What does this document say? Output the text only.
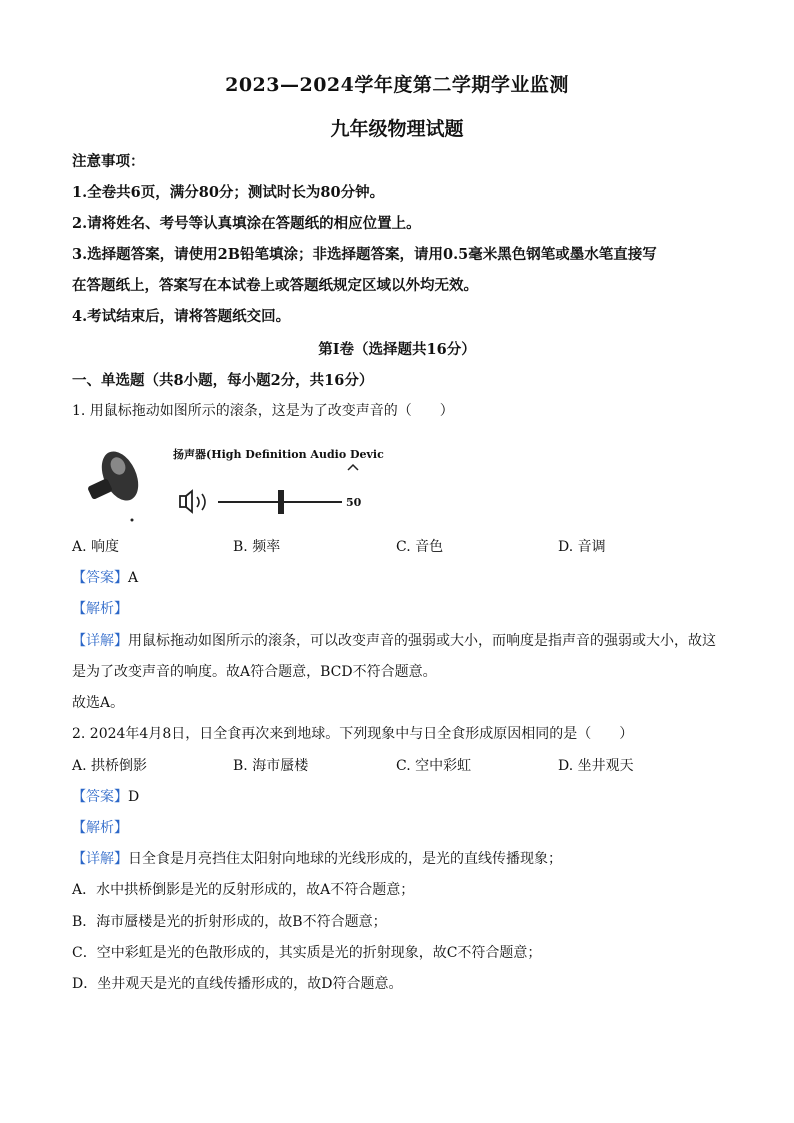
2023—2024学年度第二学期学业监测
九年级物理试题
注意事项：
1.全卷共6页，满分80分；测试时长为80分钟。
2.请将姓名、考号等认真填涂在答题纸的相应位置上。
3.选择题答案，请使用2B铅笔填涂；非选择题答案，请用0.5毫米黑色钢笔或墨水笔直接写
在答题纸上，答案写在本试卷上或答题纸规定区域以外均无效。
4.考试结束后，请将答题纸交回。
第Ⅰ卷（选择题共16分）
一、单选题（共8小题，每小题2分，共16分）
1. 用鼠标拖动如图所示的滚条，这是为了改变声音的（　　）
扬声器(High Definition Audio Device)
50
A. 响度	B. 频率	C. 音色	D. 音调
【答案】A
【解析】
【详解】用鼠标拖动如图所示的滚条，可以改变声音的强弱或大小，而响度是指声音的强弱或大小，故这
是为了改变声音的响度。故A符合题意，BCD不符合题意。
故选A。
2. 2024年4月8日，日全食再次来到地球。下列现象中与日全食形成原因相同的是（　　）
A. 拱桥倒影	B. 海市蜃楼	C. 空中彩虹	D. 坐井观天
【答案】D
【解析】
【详解】日全食是月亮挡住太阳射向地球的光线形成的，是光的直线传播现象；
A．水中拱桥倒影是光的反射形成的，故A不符合题意；
B．海市蜃楼是光的折射形成的，故B不符合题意；
C．空中彩虹是光的色散形成的，其实质是光的折射现象，故C不符合题意；
D．坐井观天是光的直线传播形成的，故D符合题意。
